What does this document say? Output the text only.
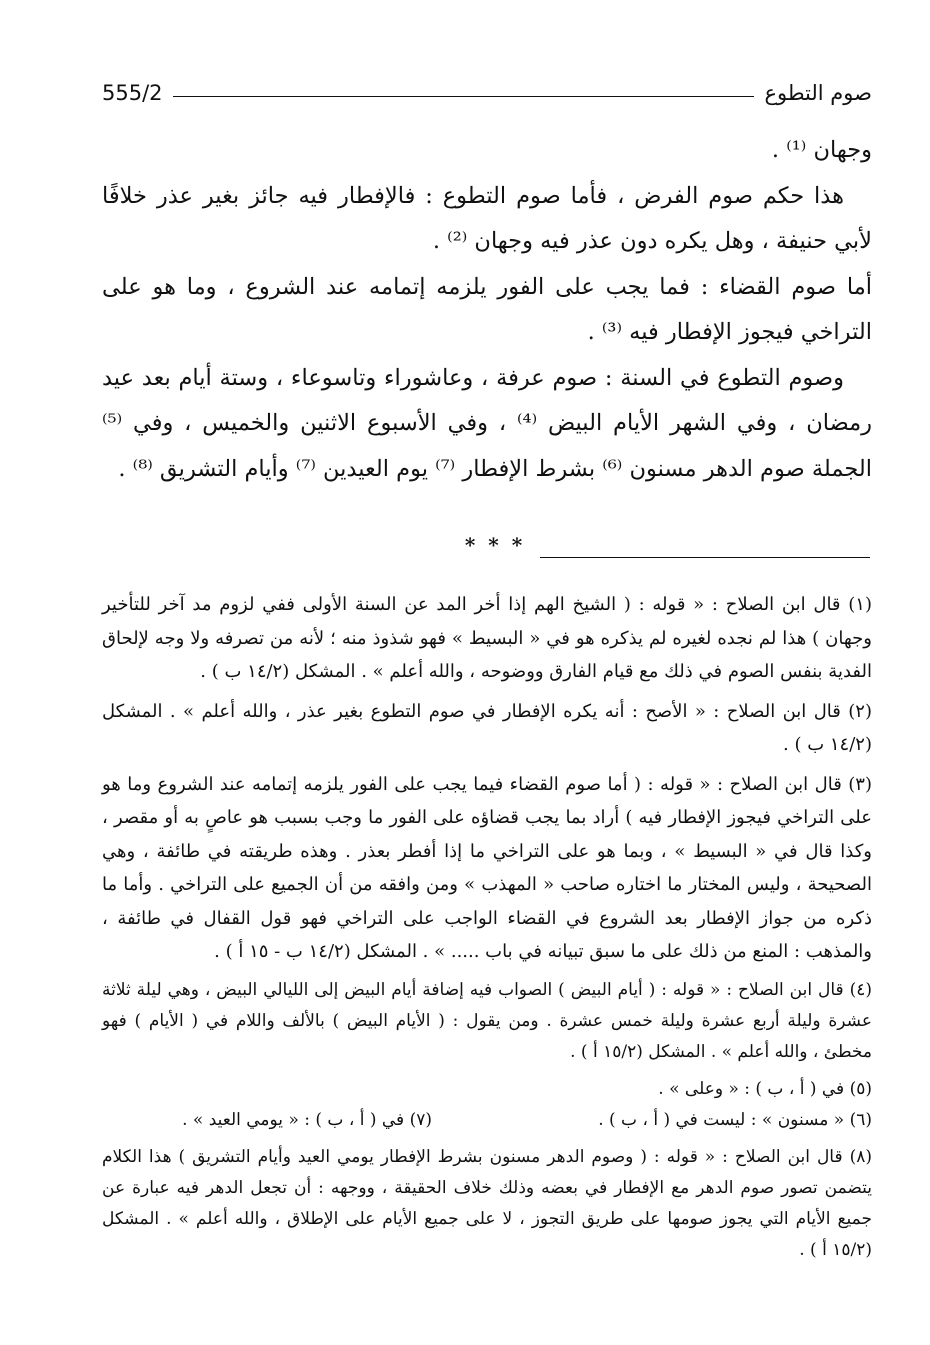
صوم التطوع
555/2

وجهان ⁽¹⁾ .

هذا حكم صوم الفرض ، فأما صوم التطوع : فالإفطار فيه جائز بغير عذر خلافًا لأبي حنيفة ، وهل يكره دون عذر فيه وجهان ⁽²⁾ .

أما صوم القضاء : فما يجب على الفور يلزمه إتمامه عند الشروع ، وما هو على التراخي فيجوز الإفطار فيه ⁽³⁾ .

وصوم التطوع في السنة : صوم عرفة ، وعاشوراء وتاسوعاء ، وستة أيام بعد عيد رمضان ، وفي الشهر الأيام البيض ⁽⁴⁾ ، وفي الأسبوع الاثنين والخميس ، وفي ⁽⁵⁾ الجملة صوم الدهر مسنون ⁽⁶⁾ بشرط الإفطار ⁽⁷⁾ يوم العيدين ⁽⁷⁾ وأيام التشريق ⁽⁸⁾ .

* * *

(١) قال ابن الصلاح : « قوله : ( الشيخ الهم إذا أخر المد عن السنة الأولى ففي لزوم مد آخر للتأخير وجهان ) هذا لم نجده لغيره لم يذكره هو في « البسيط » فهو شذوذ منه ؛ لأنه من تصرفه ولا وجه لإلحاق الفدية بنفس الصوم في ذلك مع قيام الفارق ووضوحه ، والله أعلم » . المشكل (١٤/٢ ب ) .

(٢) قال ابن الصلاح : « الأصح : أنه يكره الإفطار في صوم التطوع بغير عذر ، والله أعلم » . المشكل (١٤/٢ ب ) .

(٣) قال ابن الصلاح : « قوله : ( أما صوم القضاء فيما يجب على الفور يلزمه إتمامه عند الشروع وما هو على التراخي فيجوز الإفطار فيه ) أراد بما يجب قضاؤه على الفور ما وجب بسبب هو عاصٍ به أو مقصر ، وكذا قال في « البسيط » ، وبما هو على التراخي ما إذا أفطر بعذر . وهذه طريقته في طائفة ، وهي الصحيحة ، وليس المختار ما اختاره صاحب « المهذب » ومن وافقه من أن الجميع على التراخي . وأما ما ذكره من جواز الإفطار بعد الشروع في القضاء الواجب على التراخي فهو قول القفال في طائفة ، والمذهب : المنع من ذلك على ما سبق تبيانه في باب ..... » . المشكل (١٤/٢ ب - ١٥ أ ) .

(٤) قال ابن الصلاح : « قوله : ( أيام البيض ) الصواب فيه إضافة أيام البيض إلى الليالي البيض ، وهي ليلة ثلاثة عشرة وليلة أربع عشرة وليلة خمس عشرة . ومن يقول : ( الأيام البيض ) بالألف واللام في ( الأيام ) فهو مخطئ ، والله أعلم » . المشكل (١٥/٢ أ ) .

(٥) في ( أ ، ب ) : « وعلى » .
(٦) « مسنون » : ليست في ( أ ، ب ) .
(٧) في ( أ ، ب ) : « يومي العيد » .

(٨) قال ابن الصلاح : « قوله : ( وصوم الدهر مسنون بشرط الإفطار يومي العيد وأيام التشريق ) هذا الكلام يتضمن تصور صوم الدهر مع الإفطار في بعضه وذلك خلاف الحقيقة ، ووجهه : أن تجعل الدهر فيه عبارة عن جميع الأيام التي يجوز صومها على طريق التجوز ، لا على جميع الأيام على الإطلاق ، والله أعلم » . المشكل (١٥/٢ أ ) .
